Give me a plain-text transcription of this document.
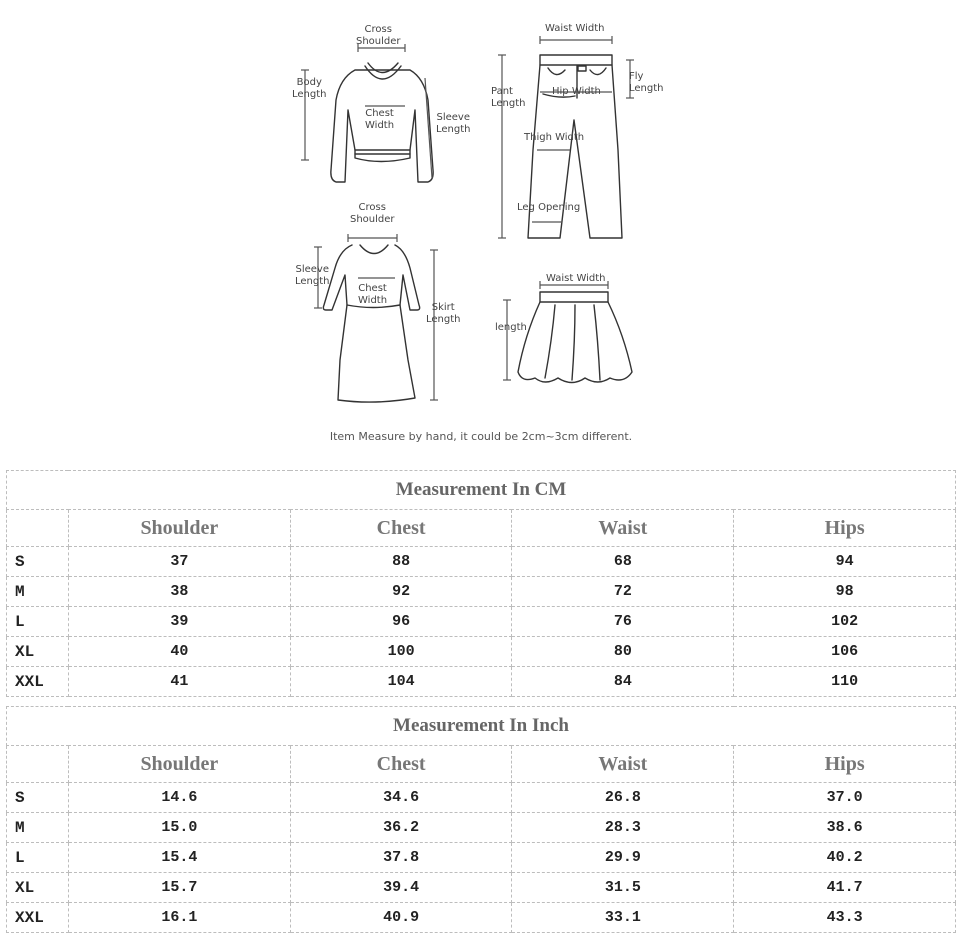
Cross
Shoulder
Body
Length
Chest
Width
Sleeve
Length
Waist Width
Pant
Length
Hip Width
Fly
Length
Thigh Width
Leg Opening
Cross
Shoulder
Sleeve
Length
Chest
Width
Skirt
Length
Waist Width
length
Item Measure by hand, it could be 2cm~3cm different.
Measurement In CM				
	Shoulder	Chest	Waist	Hips
S	37	88	68	94
M	38	92	72	98
L	39	96	76	102
XL	40	100	80	106
XXL	41	104	84	110
Measurement In Inch				
	Shoulder	Chest	Waist	Hips
S	14.6	34.6	26.8	37.0
M	15.0	36.2	28.3	38.6
L	15.4	37.8	29.9	40.2
XL	15.7	39.4	31.5	41.7
XXL	16.1	40.9	33.1	43.3
